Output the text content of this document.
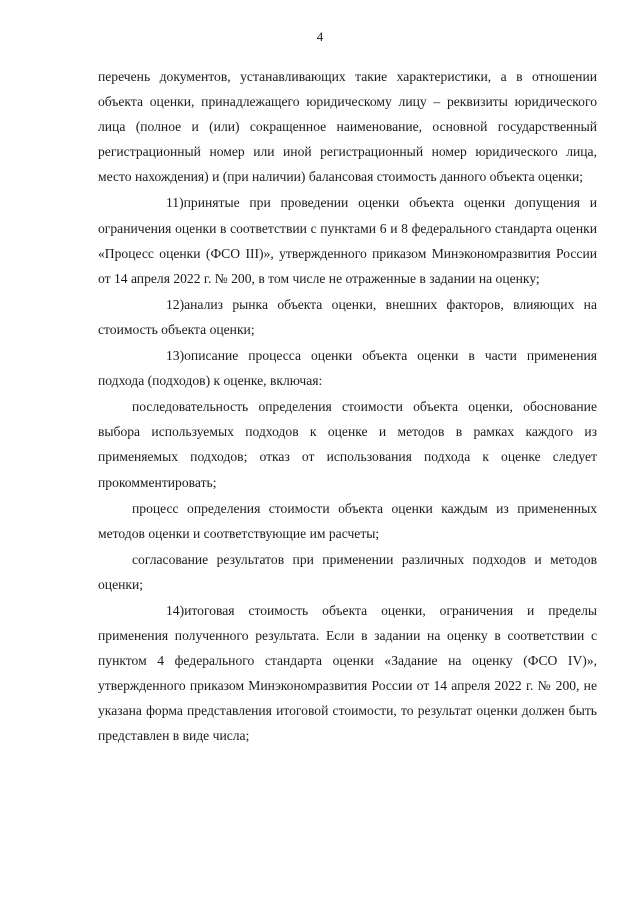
4

перечень документов, устанавливающих такие характеристики, а в отношении объекта оценки, принадлежащего юридическому лицу – реквизиты юридического лица (полное и (или) сокращенное наименование, основной государственный регистрационный номер или иной регистрационный номер юридического лица, место нахождения) и (при наличии) балансовая стоимость данного объекта оценки;

11)принятые при проведении оценки объекта оценки допущения и ограничения оценки в соответствии с пунктами 6 и 8 федерального стандарта оценки «Процесс оценки (ФСО III)», утвержденного приказом Минэкономразвития России от 14 апреля 2022 г. № 200, в том числе не отраженные в задании на оценку;

12)анализ рынка объекта оценки, внешних факторов, влияющих на стоимость объекта оценки;

13)описание процесса оценки объекта оценки в части применения подхода (подходов) к оценке, включая:

последовательность определения стоимости объекта оценки, обоснование выбора используемых подходов к оценке и методов в рамках каждого из применяемых подходов; отказ от использования подхода к оценке следует прокомментировать;

процесс определения стоимости объекта оценки каждым из примененных методов оценки и соответствующие им расчеты;

согласование результатов при применении различных подходов и методов оценки;

14)итоговая стоимость объекта оценки, ограничения и пределы применения полученного результата. Если в задании на оценку в соответствии с пунктом 4 федерального стандарта оценки «Задание на оценку (ФСО IV)», утвержденного приказом Минэкономразвития России от 14 апреля 2022 г. № 200, не указана форма представления итоговой стоимости, то результат оценки должен быть представлен в виде числа;
